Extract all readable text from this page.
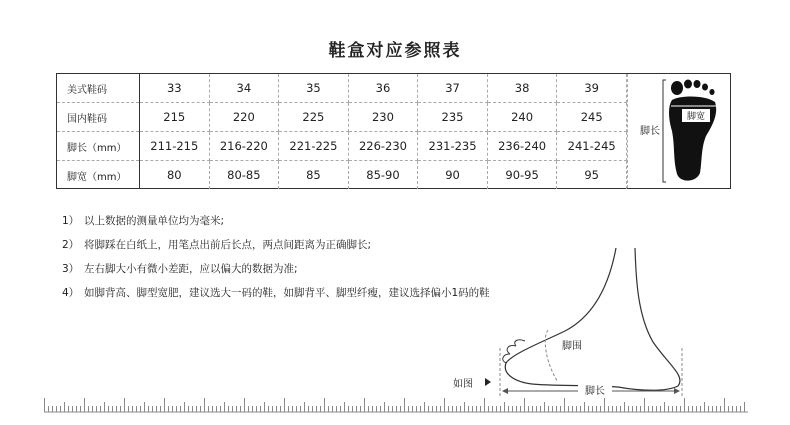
鞋盒对应参照表
美式鞋码	33	34	35	36	37	38	39
国内鞋码	215	220	225	230	235	240	245
脚长（mm）	211-215	216-220	221-225	226-230	231-235	236-240	241-245
脚宽（mm）	80	80-85	85	85-90	90	90-95	95
脚长
脚宽
1） 以上数据的测量单位均为毫米;
2） 将脚踩在白纸上，用笔点出前后长点，两点间距离为正确脚长;
3） 左右脚大小有微小差距，应以偏大的数据为准;
4） 如脚背高、脚型宽肥，建议选大一码的鞋，如脚背平、脚型纤瘦，建议选择偏小1码的鞋
脚围
如图
脚长
